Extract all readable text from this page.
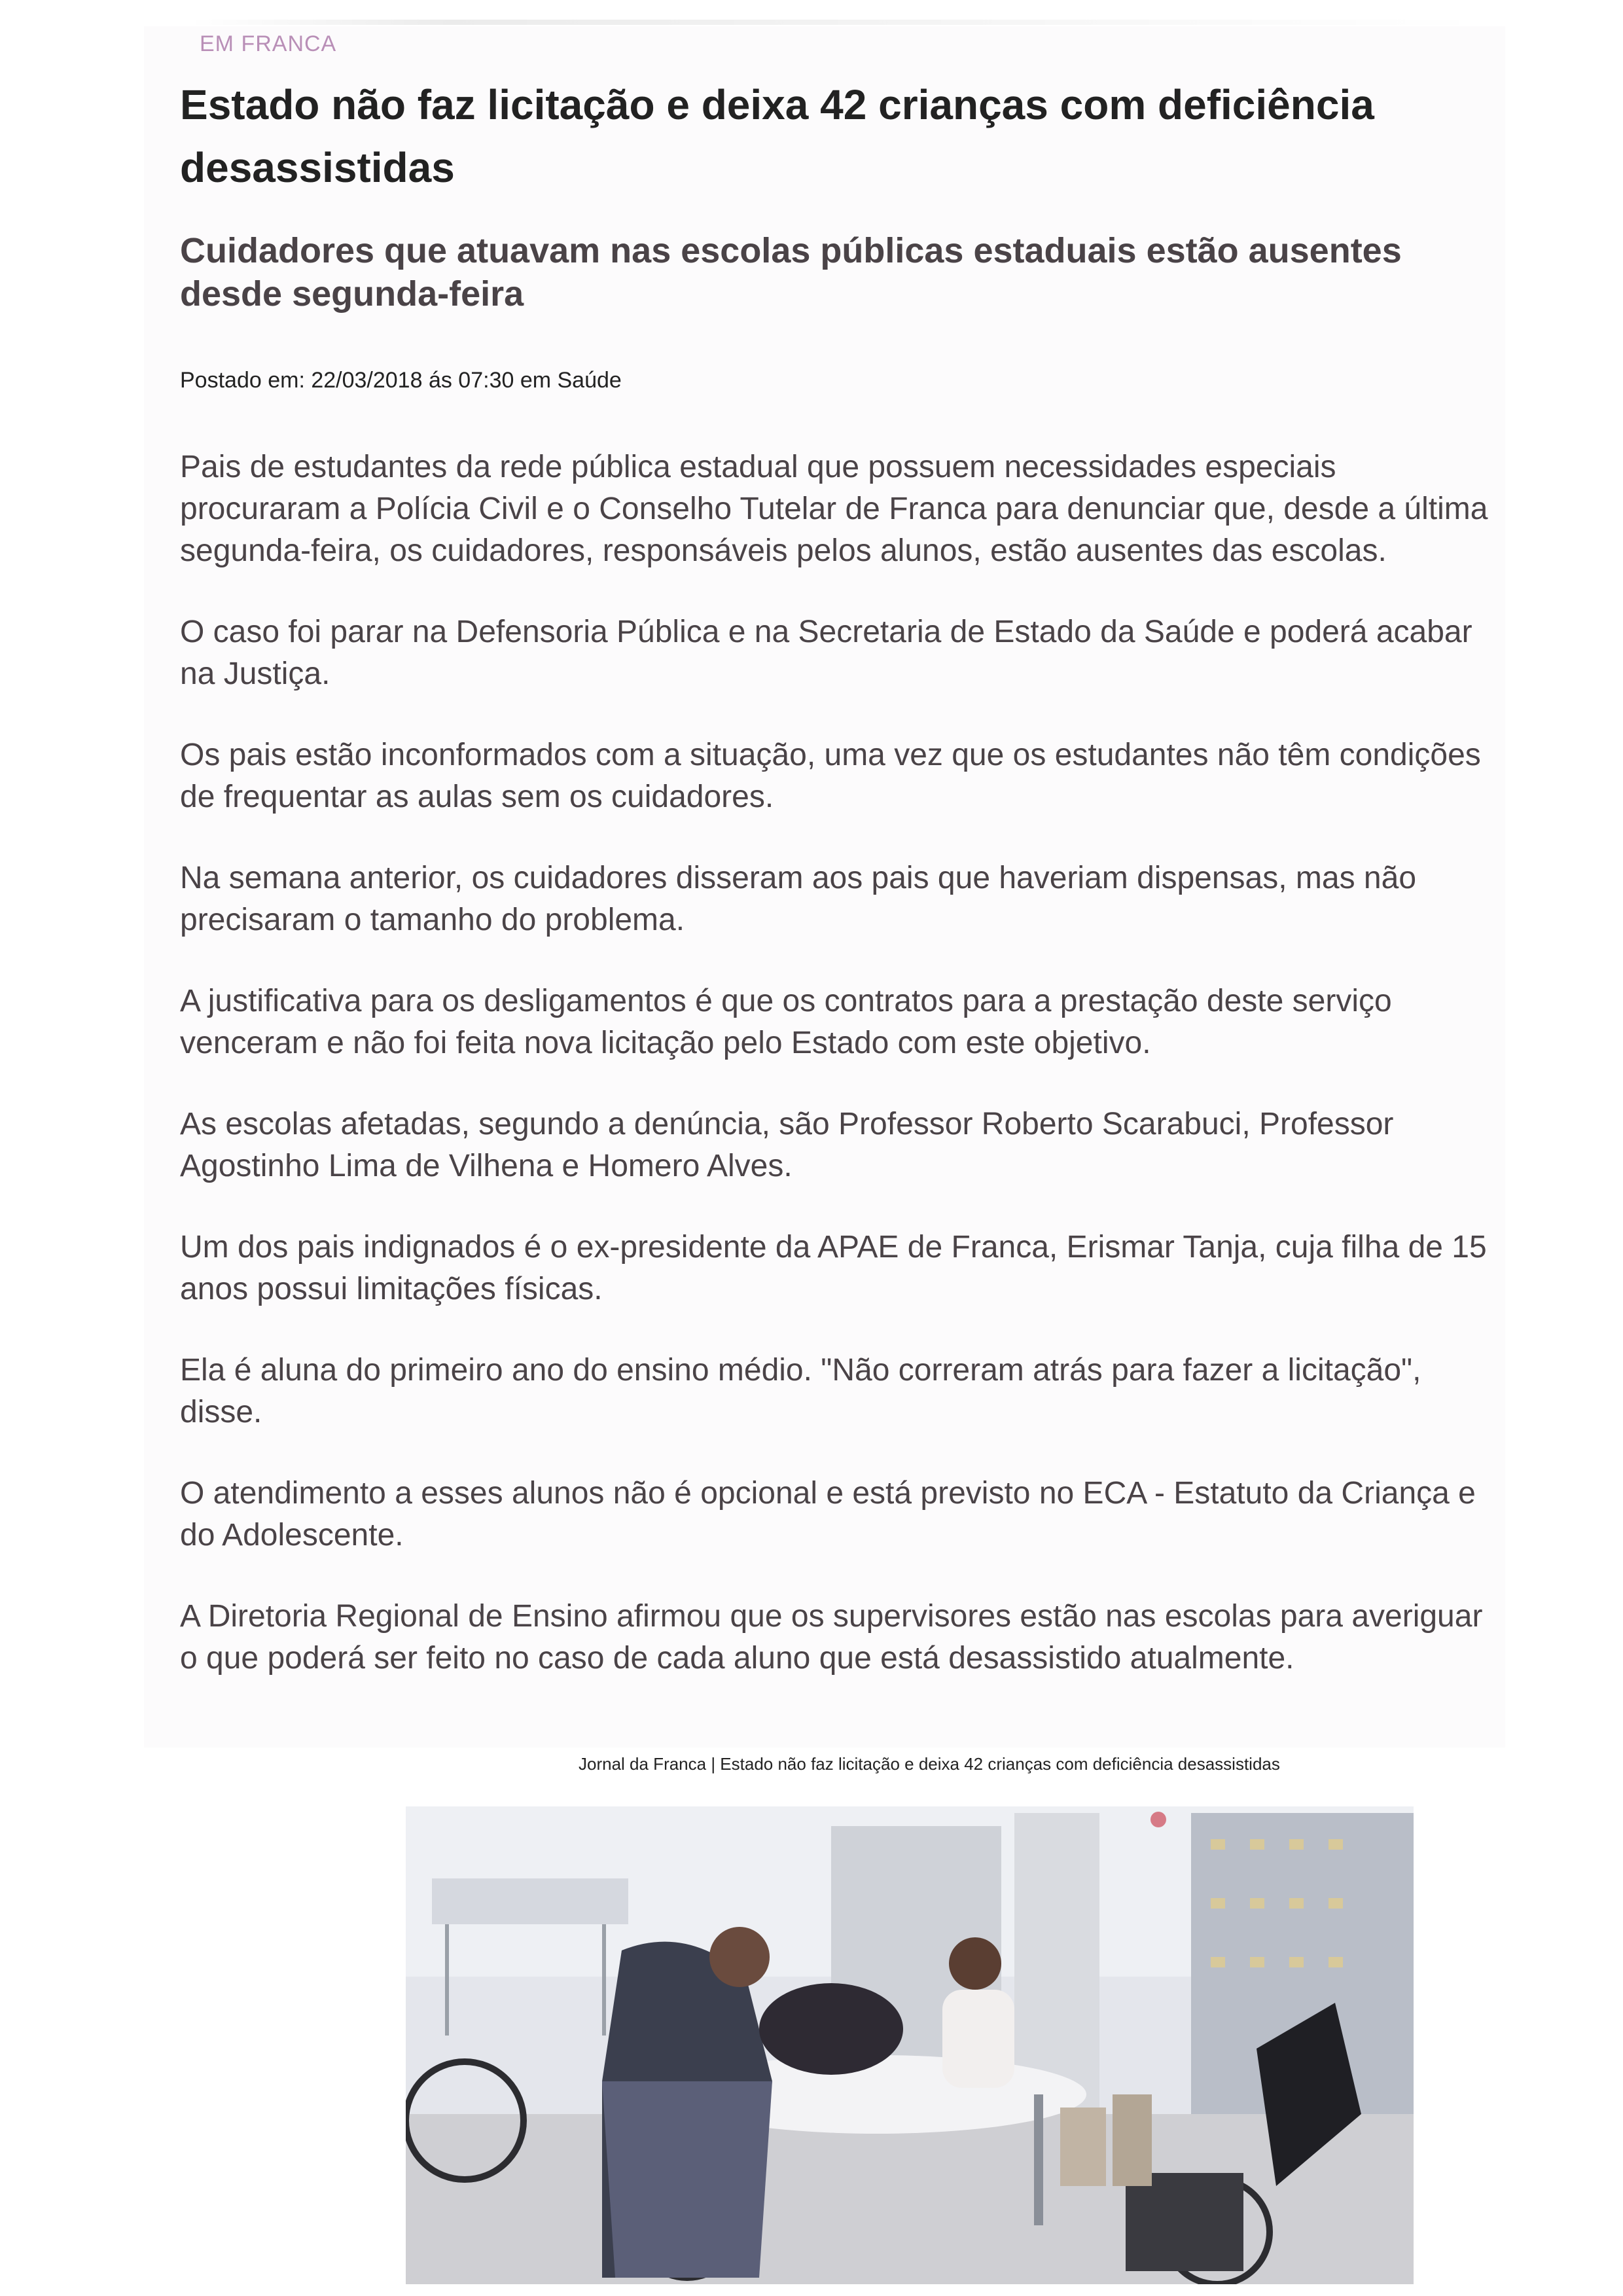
EM FRANCA
Estado não faz licitação e deixa 42 crianças com deficiência desassistidas
Cuidadores que atuavam nas escolas públicas estaduais estão ausentes desde segunda-feira
Postado em: 22/03/2018 ás 07:30 em Saúde

Pais de estudantes da rede pública estadual que possuem necessidades especiais procuraram a Polícia Civil e o Conselho Tutelar de Franca para denunciar que, desde a última segunda-feira, os cuidadores, responsáveis pelos alunos, estão ausentes das escolas.

O caso foi parar na Defensoria Pública e na Secretaria de Estado da Saúde e poderá acabar na Justiça.

Os pais estão inconformados com a situação, uma vez que os estudantes não têm condições de frequentar as aulas sem os cuidadores.

Na semana anterior, os cuidadores disseram aos pais que haveriam dispensas, mas não precisaram o tamanho do problema.

A justificativa para os desligamentos é que os contratos para a prestação deste serviço venceram e não foi feita nova licitação pelo Estado com este objetivo.

As escolas afetadas, segundo a denúncia, são Professor Roberto Scarabuci, Professor Agostinho Lima de Vilhena e Homero Alves.

Um dos pais indignados é o ex-presidente da APAE de Franca, Erismar Tanja, cuja filha de 15 anos possui limitações físicas.

Ela é aluna do primeiro ano do ensino médio. "Não correram atrás para fazer a licitação", disse.

O atendimento a esses alunos não é opcional e está previsto no ECA - Estatuto da Criança e do Adolescente.

A Diretoria Regional de Ensino afirmou que os supervisores estão nas escolas para averiguar o que poderá ser feito no caso de cada aluno que está desassistido atualmente.

Jornal da Franca | Estado não faz licitação e deixa 42 crianças com deficiência desassistidas
